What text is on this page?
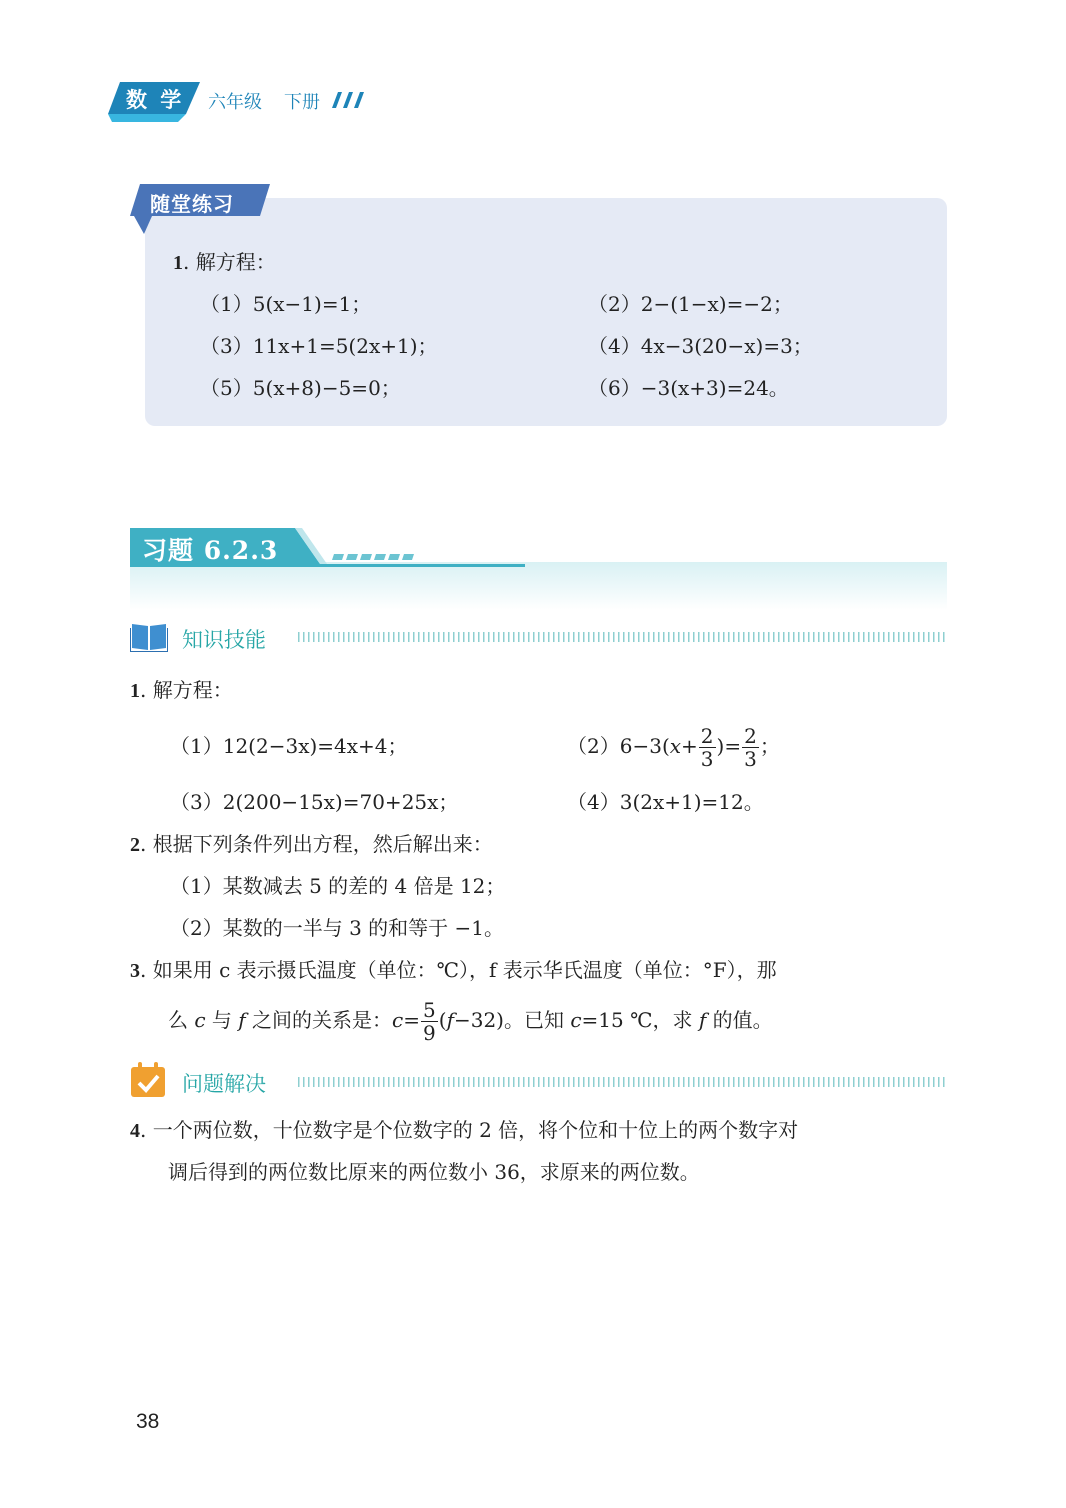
数 学 六年级 下册
随堂练习
1. 解方程：
（1）5(x−1)=1；	（2）2−(1−x)=−2；
（3）11x+1=5(2x+1)；	（4）4x−3(20−x)=3；
（5）5(x+8)−5=0；	（6）−3(x+3)=24。
习题 6.2.3
知识技能
1. 解方程：
（1）12(2−3x)=4x+4；	$(2)6-3(x+ \frac{2}{3}$ )= $\frac{2}{3}$ ；
（3）2(200−15x)=70+25x；	（4）3(2x+1)=12。
2. 根据下列条件列出方程，然后解出来：
（1）某数减去 5 的差的 4 倍是 12；
（2）某数的一半与 3 的和等于 −1。
3. 如果用 c 表示摄氏温度（单位：℃），f 表示华氏温度（单位：°F），那
么 c 与 f 之间的关系是：$c= \frac{5}{9} (f-32)$。已知 c=15 ℃，求 f 的值。
问题解决
4. 一个两位数，十位数字是个位数字的 2 倍，将个位和十位上的两个数字对
调后得到的两位数比原来的两位数小 36，求原来的两位数。
38
